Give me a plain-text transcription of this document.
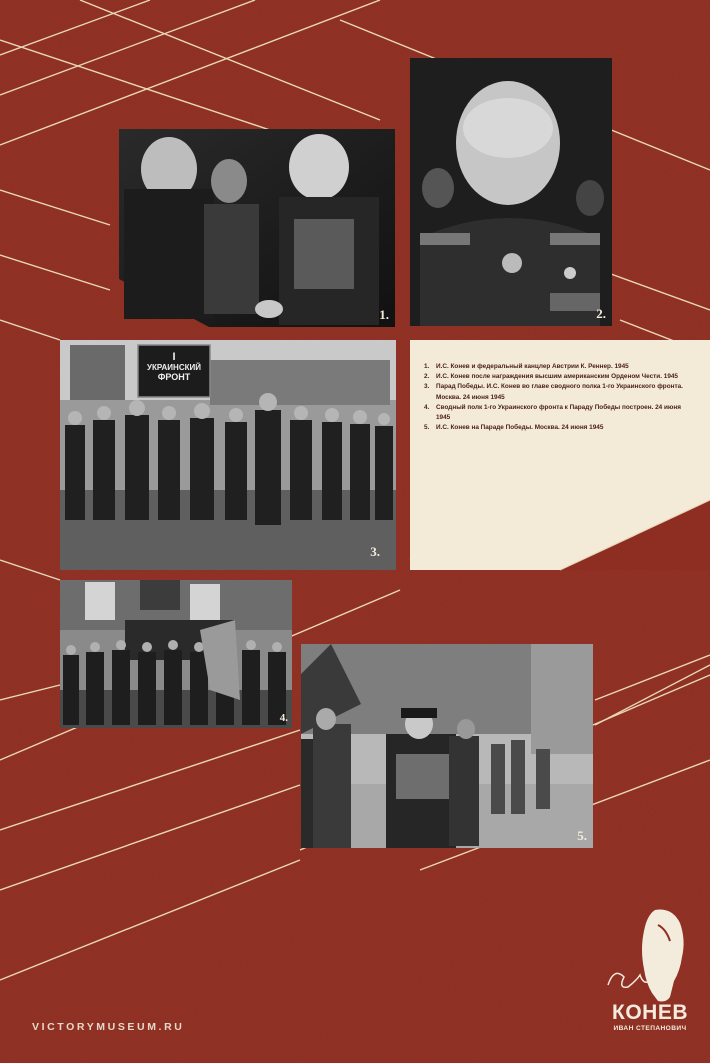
1.	2.
I
УКРАИНСКИЙ
ФРОНТ
3.
4.
5.
1. И.С. Конев и федеральный канцлер Австрии К. Реннер. 1945
2. И.С. Конев после награждения высшим американским Орденом Чести. 1945
3. Парад Победы. И.С. Конев во главе сводного полка 1-го Украинского фронта. Москва. 24 июня 1945
4. Сводный полк 1-го Украинского фронта к Параду Победы построен. 24 июня 1945
5. И.С. Конев на Параде Победы. Москва. 24 июня 1945
VICTORYMUSEUM.RU
КОНЕВ
ИВАН СТЕПАНОВИЧ
